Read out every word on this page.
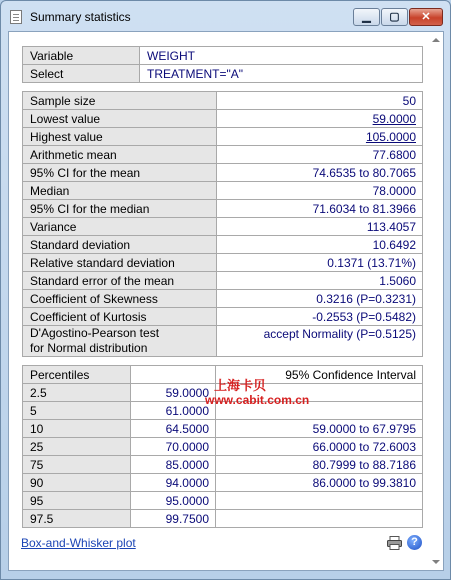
Summary statistics	▁	▢	✕
Variable	WEIGHT
Select	TREATMENT="A"
Sample size	50
Lowest value	59.0000
Highest value	105.0000
Arithmetic mean	77.6800
95% CI for the mean	74.6535 to 80.7065
Median	78.0000
95% CI for the median	71.6034 to 81.3966
Variance	113.4057
Standard deviation	10.6492
Relative standard deviation	0.1371 (13.71%)
Standard error of the mean	1.5060
Coefficient of Skewness	0.3216 (P=0.3231)
Coefficient of Kurtosis	-0.2553 (P=0.5482)

D'Agostino-Pearson test
for Normal distribution	accept Normality (P=0.5125)
Percentiles		95% Confidence Interval
2.5	59.0000	
5	61.0000	
10	64.5000	59.0000 to 67.9795
25	70.0000	66.0000 to 72.6003
75	85.0000	80.7999 to 88.7186
90	94.0000	86.0000 to 99.3810
95	95.0000	
97.5	99.7500	
上海卡贝
www.cabit.com.cn
Box-and-Whisker plot	?
